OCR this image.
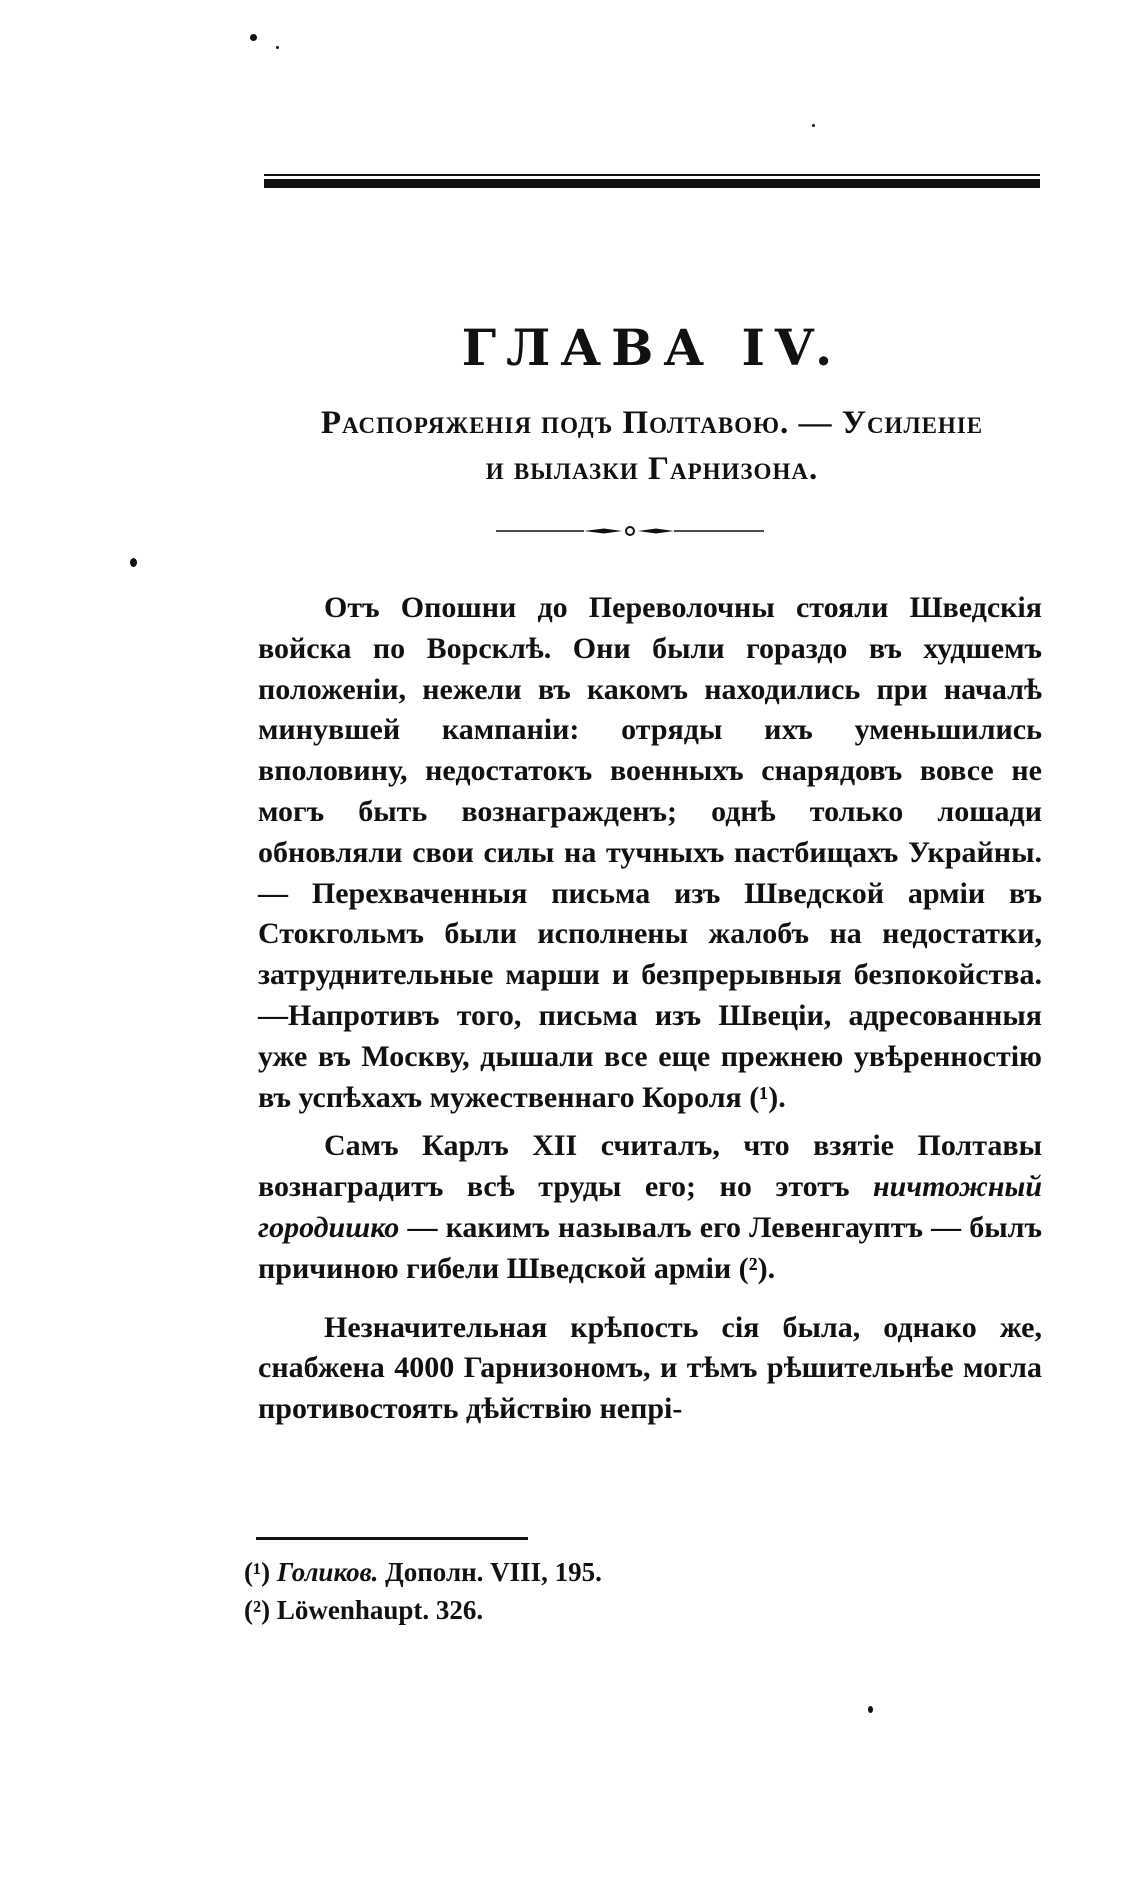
ГЛАВА IV.
Распоряженія подъ Полтавою. — Усиленіе
и вылазки Гарнизона.

Отъ Опошни до Переволочны стояли Шведскія войска по Ворсклѣ. Они были гораздо въ худшемъ положеніи, нежели въ какомъ находились при началѣ минувшей кампаніи: отряды ихъ уменьшились вполовину, недостатокъ военныхъ снарядовъ вовсе не могъ быть вознагражденъ; однѣ только лошади обновляли свои силы на тучныхъ пастбищахъ Украйны. — Перехваченныя письма изъ Шведской арміи въ Стокгольмъ были исполнены жалобъ на недостатки, затруднительные марши и безпрерывныя безпокойства. —Напротивъ того, письма изъ Швеціи, адресованныя уже въ Москву, дышали все еще прежнею увѣренностію въ успѣхахъ мужественнаго Короля (¹).

Самъ Карлъ XII считалъ, что взятіе Полтавы вознаградитъ всѣ труды его; но этотъ ничтожный городишко — какимъ называлъ его Левенгауптъ — былъ причиною гибели Шведской арміи (²).

Незначительная крѣпость сія была, однако же, снабжена 4000 Гарнизономъ, и тѣмъ рѣшительнѣе могла противостоять дѣйствію непрі-

(¹) Голиков. Дополн. VIII, 195.
(²) Löwenhaupt. 326.
